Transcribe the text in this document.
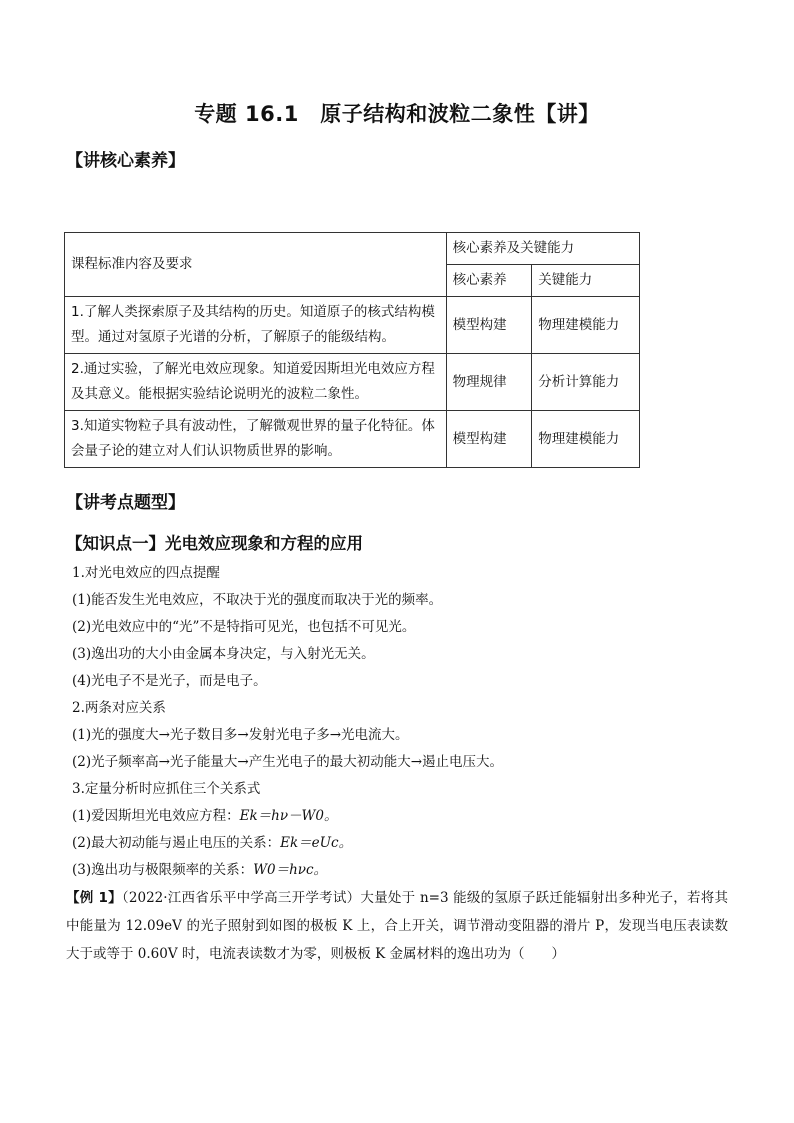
专题 16.1　原子结构和波粒二象性【讲】
【讲核心素养】
课程标准内容及要求	核心素养及关键能力	
	核心素养	关键能力
1.了解人类探索原子及其结构的历史。知道原子的核式结构模型。通过对氢原子光谱的分析，了解原子的能级结构。	模型构建	物理建模能力
2.通过实验，了解光电效应现象。知道爱因斯坦光电效应方程及其意义。能根据实验结论说明光的波粒二象性。	物理规律	分析计算能力
3.知道实物粒子具有波动性，了解微观世界的量子化特征。体会量子论的建立对人们认识物质世界的影响。	模型构建	物理建模能力
【讲考点题型】
【知识点一】光电效应现象和方程的应用
1.对光电效应的四点提醒
(1)能否发生光电效应，不取决于光的强度而取决于光的频率。
(2)光电效应中的“光”不是特指可见光，也包括不可见光。
(3)逸出功的大小由金属本身决定，与入射光无关。
(4)光电子不是光子，而是电子。
2.两条对应关系
(1)光的强度大→光子数目多→发射光电子多→光电流大。
(2)光子频率高→光子能量大→产生光电子的最大初动能大→遏止电压大。
3.定量分析时应抓住三个关系式
(1)爱因斯坦光电效应方程：Ek＝hν－W0。
(2)最大初动能与遏止电压的关系：Ek＝eUc。
(3)逸出功与极限频率的关系：W0＝hνc。
【例 1】（2022·江西省乐平中学高三开学考试）大量处于 n=3 能级的氢原子跃迁能辐射出多种光子，若将其中能量为 12.09eV 的光子照射到如图的极板 K 上，合上开关，调节滑动变阻器的滑片 P，发现当电压表读数大于或等于 0.60V 时，电流表读数才为零，则极板 K 金属材料的逸出功为（　　）
